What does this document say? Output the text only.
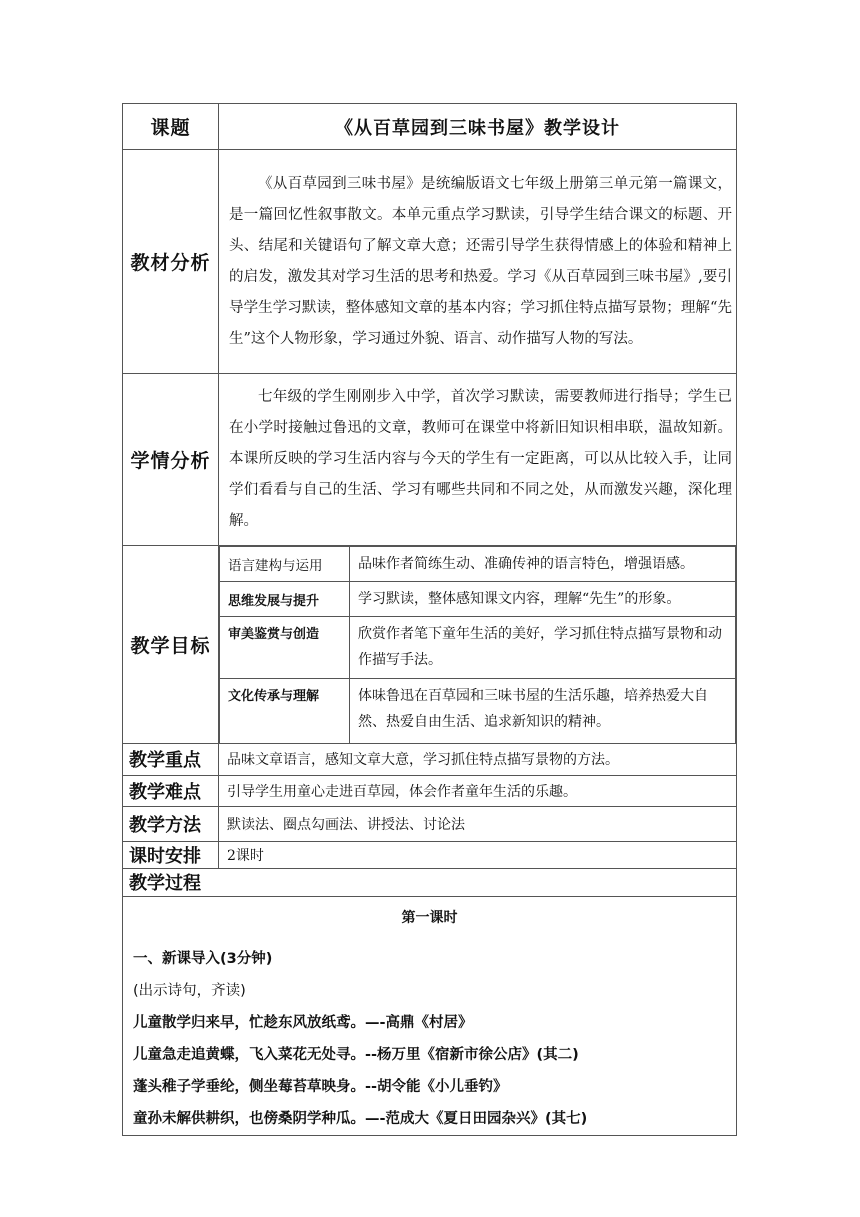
课题	《从百草园到三味书屋》教学设计
教材分析	《从百草园到三味书屋》是统编版语文七年级上册第三单元第一篇课文，是一篇回忆性叙事散文。本单元重点学习默读，引导学生结合课文的标题、开头、结尾和关键语句了解文章大意；还需引导学生获得情感上的体验和精神上的启发，激发其对学习生活的思考和热爱。学习《从百草园到三味书屋》,要引导学生学习默读，整体感知文章的基本内容；学习抓住特点描写景物；理解“先生”这个人物形象，学习通过外貌、语言、动作描写人物的写法。
学情分析	七年级的学生刚刚步入中学，首次学习默读，需要教师进行指导；学生已在小学时接触过鲁迅的文章，教师可在课堂中将新旧知识相串联，温故知新。本课所反映的学习生活内容与今天的学生有一定距离，可以从比较入手，让同学们看看与自己的生活、学习有哪些共同和不同之处，从而激发兴趣，深化理解。
教学目标	
语言建构与运用	品味作者简练生动、准确传神的语言特色，增强语感。
思维发展与提升	学习默读，整体感知课文内容，理解“先生”的形象。
审美鉴赏与创造	欣赏作者笔下童年生活的美好，学习抓住特点描写景物和动作描写手法。
文化传承与理解	体味鲁迅在百草园和三味书屋的生活乐趣，培养热爱大自然、热爱自由生活、追求新知识的精神。

教学重点	品味文章语言，感知文章大意，学习抓住特点描写景物的方法。
教学难点	引导学生用童心走进百草园，体会作者童年生活的乐趣。
教学方法	默读法、圈点勾画法、讲授法、讨论法
课时安排	2课时
教学过程	

第一课时
一、新课导入(3分钟)
(出示诗句，齐读)
儿童散学归来早，忙趁东风放纸鸢。—-高鼎《村居》
儿童急走追黄蝶，飞入菜花无处寻。--杨万里《宿新市徐公店》(其二)
蓬头稚子学垂纶，侧坐莓苔草映身。--胡令能《小儿垂钓》
童孙未解供耕织，也傍桑阴学种瓜。—-范成大《夏日田园杂兴》(其七)
